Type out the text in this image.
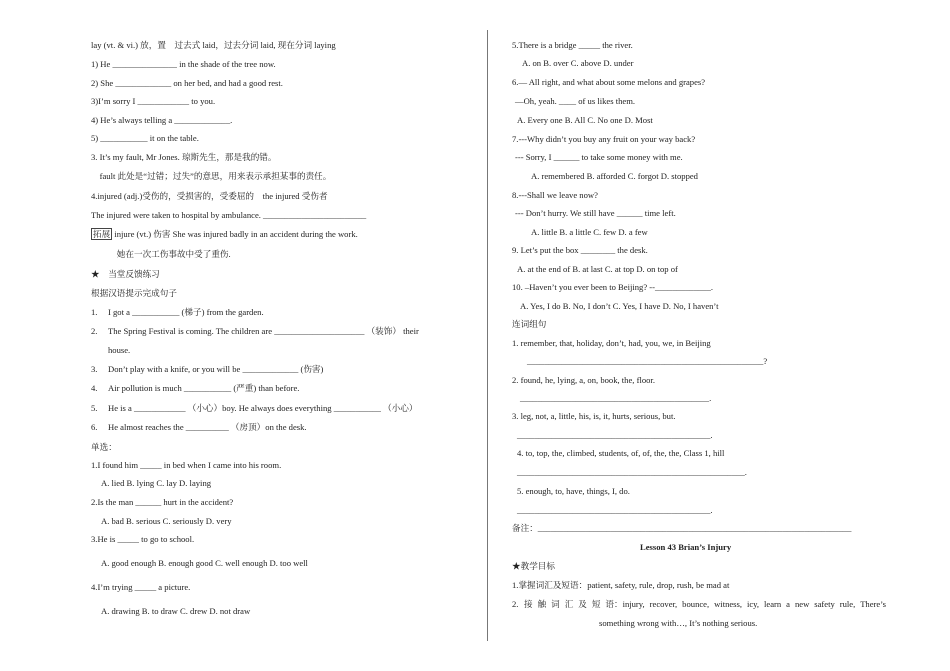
lay (vt. & vi.) 放，置　过去式 laid，过去分词 laid, 现在分词 laying
1) He _______________ in the shade of the tree now.
2) She _____________ on her bed, and had a good rest.
3)I’m sorry I ____________ to you.
4) He’s always telling a _____________.
5) ___________ it on the table.
3. It’s my fault, Mr Jones. 琼斯先生，那是我的错。
　fault 此处是“过错；过失”的意思，用来表示承担某事的责任。
4.injured (adj.)受伤的，受损害的，受委屈的　the injured 受伤者
The injured were taken to hospital by ambulance. ________________________
拓展 injure (vt.) 伤害 She was injured badly in an accident during the work.
　　　她在一次工伤事故中受了重伤.
★　当堂反馈练习
根据汉语提示完成句子
1. I got a ___________ (梯子) from the garden.
The Spring Festival is coming. The children are _____________________ （装饰） their
2.
house.
3. Don’t play with a knife, or you will be _____________ (伤害)
4. Air pollution is much ___________ (严重) than before.
5. He is a ____________ （小心）boy. He always does everything ___________ （小心）
6. He almost reaches the __________ （房顶）on the desk.
单选：
1.I found him _____ in bed when I came into his room.
A. lied B. lying C. lay D. laying
2.Is the man ______ hurt in the accident?
A. bad B. serious C. seriously D. very
3.He is _____ to go to school.
A. good enough B. enough good C. well enough D. too well
4.I’m trying _____ a picture.
A. drawing B. to draw C. drew D. not draw
5.There is a bridge _____ the river.
A. on B. over C. above D. under
6.— All right, and what about some melons and grapes?
—Oh, yeah. ____ of us likes them.
A. Every one B. All C. No one D. Most
7.---Why didn’t you buy any fruit on your way back?
--- Sorry, I ______ to take some money with me.
A. remembered B. afforded C. forgot D. stopped
8.---Shall we leave now?
--- Don’t hurry. We still have ______ time left.
A. little B. a little C. few D. a few
9. Let’s put the box ________ the desk.
A. at the end of B. at last C. at top D. on top of
10. –Haven’t you ever been to Beijing? --_____________.
A. Yes, I do B. No, I don’t C. Yes, I have D. No, I haven’t
连词组句
1. remember, that, holiday, don’t, had, you, we, in Beijing
_______________________________________________________?
2. found, he, lying, a, on, book, the, floor.
____________________________________________.
3. leg, not, a, little, his, is, it, hurts, serious, but.
_____________________________________________.
4. to, top, the, climbed, students, of, of, the, the, Class 1, hill
_____________________________________________________.
5. enough, to, have, things, I, do.
_____________________________________________.
备注：_________________________________________________________________________
Lesson 43 Brian’s Injury
★教学目标
1.掌握词汇及短语：patient, safety, rule, drop, rush, be mad at
2. 接 触 词 汇 及 短 语：injury, recover, bounce, witness, icy, learn a new safety rule, There’s
something wrong with…, It’s nothing serious.
